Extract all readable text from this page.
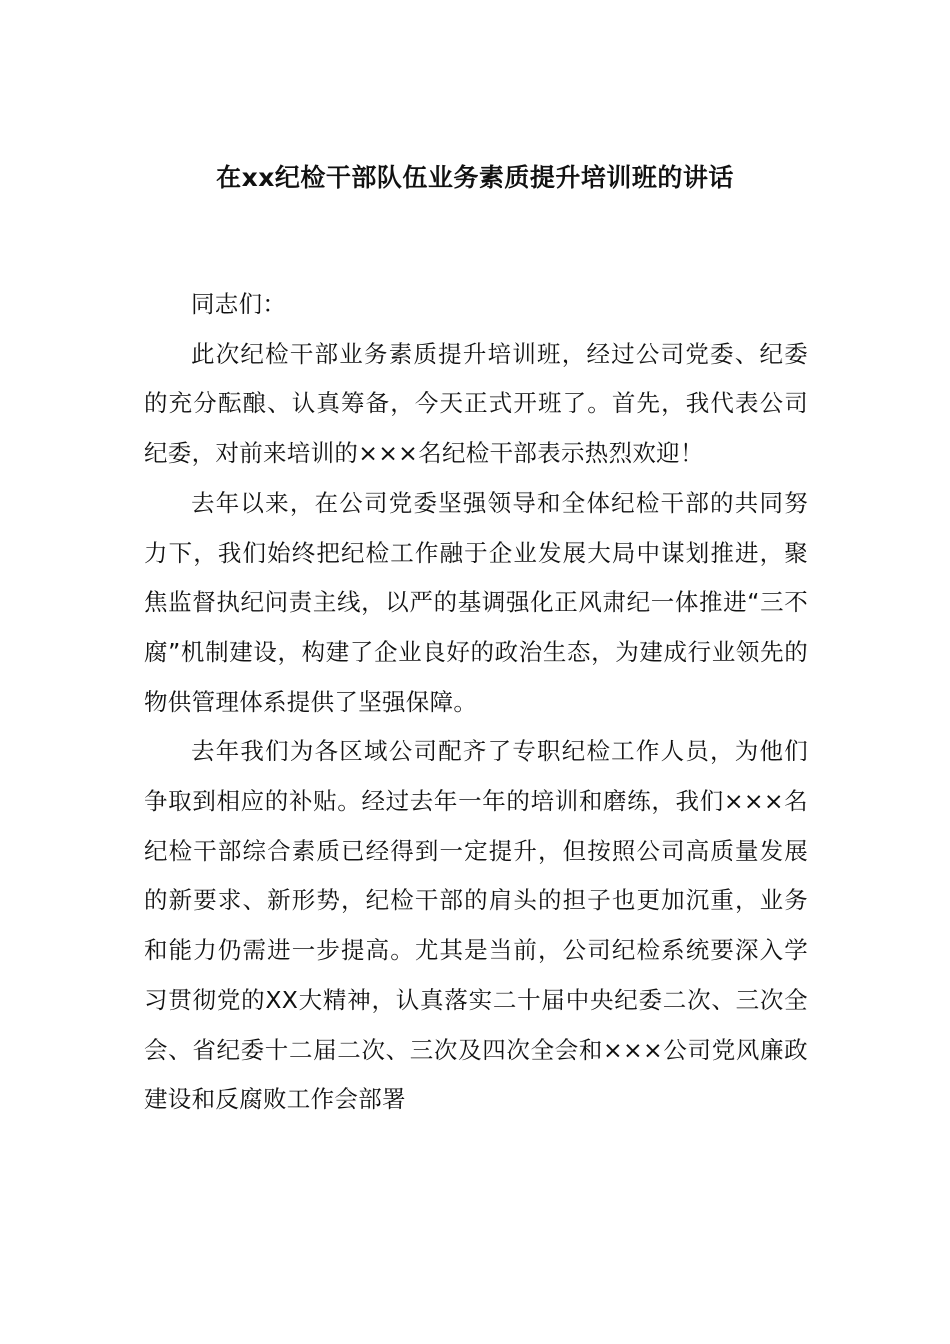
在xx纪检干部队伍业务素质提升培训班的讲话

同志们：

此次纪检干部业务素质提升培训班，经过公司党委、纪委的充分酝酿、认真筹备，今天正式开班了。首先，我代表公司纪委，对前来培训的×××名纪检干部表示热烈欢迎！

去年以来，在公司党委坚强领导和全体纪检干部的共同努力下，我们始终把纪检工作融于企业发展大局中谋划推进，聚焦监督执纪问责主线，以严的基调强化正风肃纪一体推进“三不腐”机制建设，构建了企业良好的政治生态，为建成行业领先的物供管理体系提供了坚强保障。

去年我们为各区域公司配齐了专职纪检工作人员，为他们争取到相应的补贴。经过去年一年的培训和磨练，我们×××名纪检干部综合素质已经得到一定提升，但按照公司高质量发展的新要求、新形势，纪检干部的肩头的担子也更加沉重，业务和能力仍需进一步提高。尤其是当前，公司纪检系统要深入学习贯彻党的XX大精神，认真落实二十届中央纪委二次、三次全会、省纪委十二届二次、三次及四次全会和×××公司党风廉政建设和反腐败工作会部署
